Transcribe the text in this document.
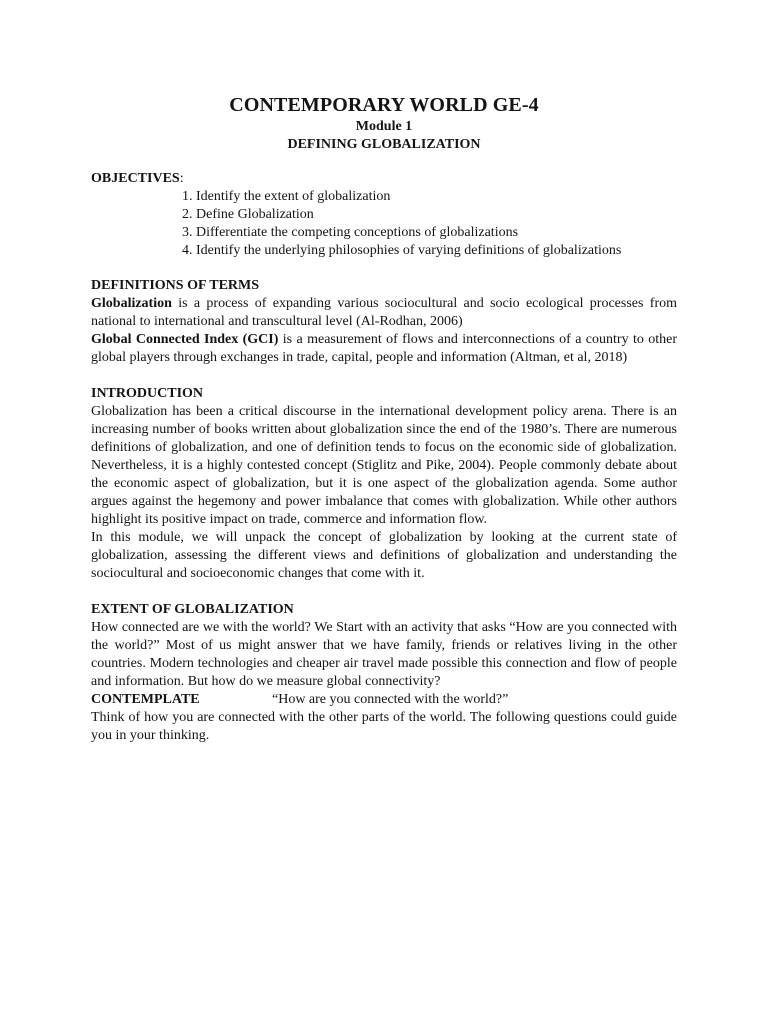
CONTEMPORARY WORLD GE-4
Module 1
DEFINING GLOBALIZATION
OBJECTIVES:
1. Identify the extent of globalization
2. Define Globalization
3. Differentiate the competing conceptions of globalizations
4. Identify the underlying philosophies of varying definitions of globalizations
DEFINITIONS OF TERMS

Globalization is a process of expanding various sociocultural and socio ecological processes from national to international and transcultural level (Al-Rodhan, 2006)

Global Connected Index (GCI) is a measurement of flows and interconnections of a country to other global players through exchanges in trade, capital, people and information (Altman, et al, 2018)

INTRODUCTION

Globalization has been a critical discourse in the international development policy arena. There is an increasing number of books written about globalization since the end of the 1980’s. There are numerous definitions of globalization, and one of definition tends to focus on the economic side of globalization. Nevertheless, it is a highly contested concept (Stiglitz and Pike, 2004). People commonly debate about the economic aspect of globalization, but it is one aspect of the globalization agenda. Some author argues against the hegemony and power imbalance that comes with globalization. While other authors highlight its positive impact on trade, commerce and information flow.

In this module, we will unpack the concept of globalization by looking at the current state of globalization, assessing the different views and definitions of globalization and understanding the sociocultural and socioeconomic changes that come with it.

EXTENT OF GLOBALIZATION

How connected are we with the world? We Start with an activity that asks “How are you connected with the world?” Most of us might answer that we have family, friends or relatives living in the other countries. Modern technologies and cheaper air travel made possible this connection and flow of people and information. But how do we measure global connectivity?

CONTEMPLATE	“How are you connected with the world?”

Think of how you are connected with the other parts of the world. The following questions could guide you in your thinking.
